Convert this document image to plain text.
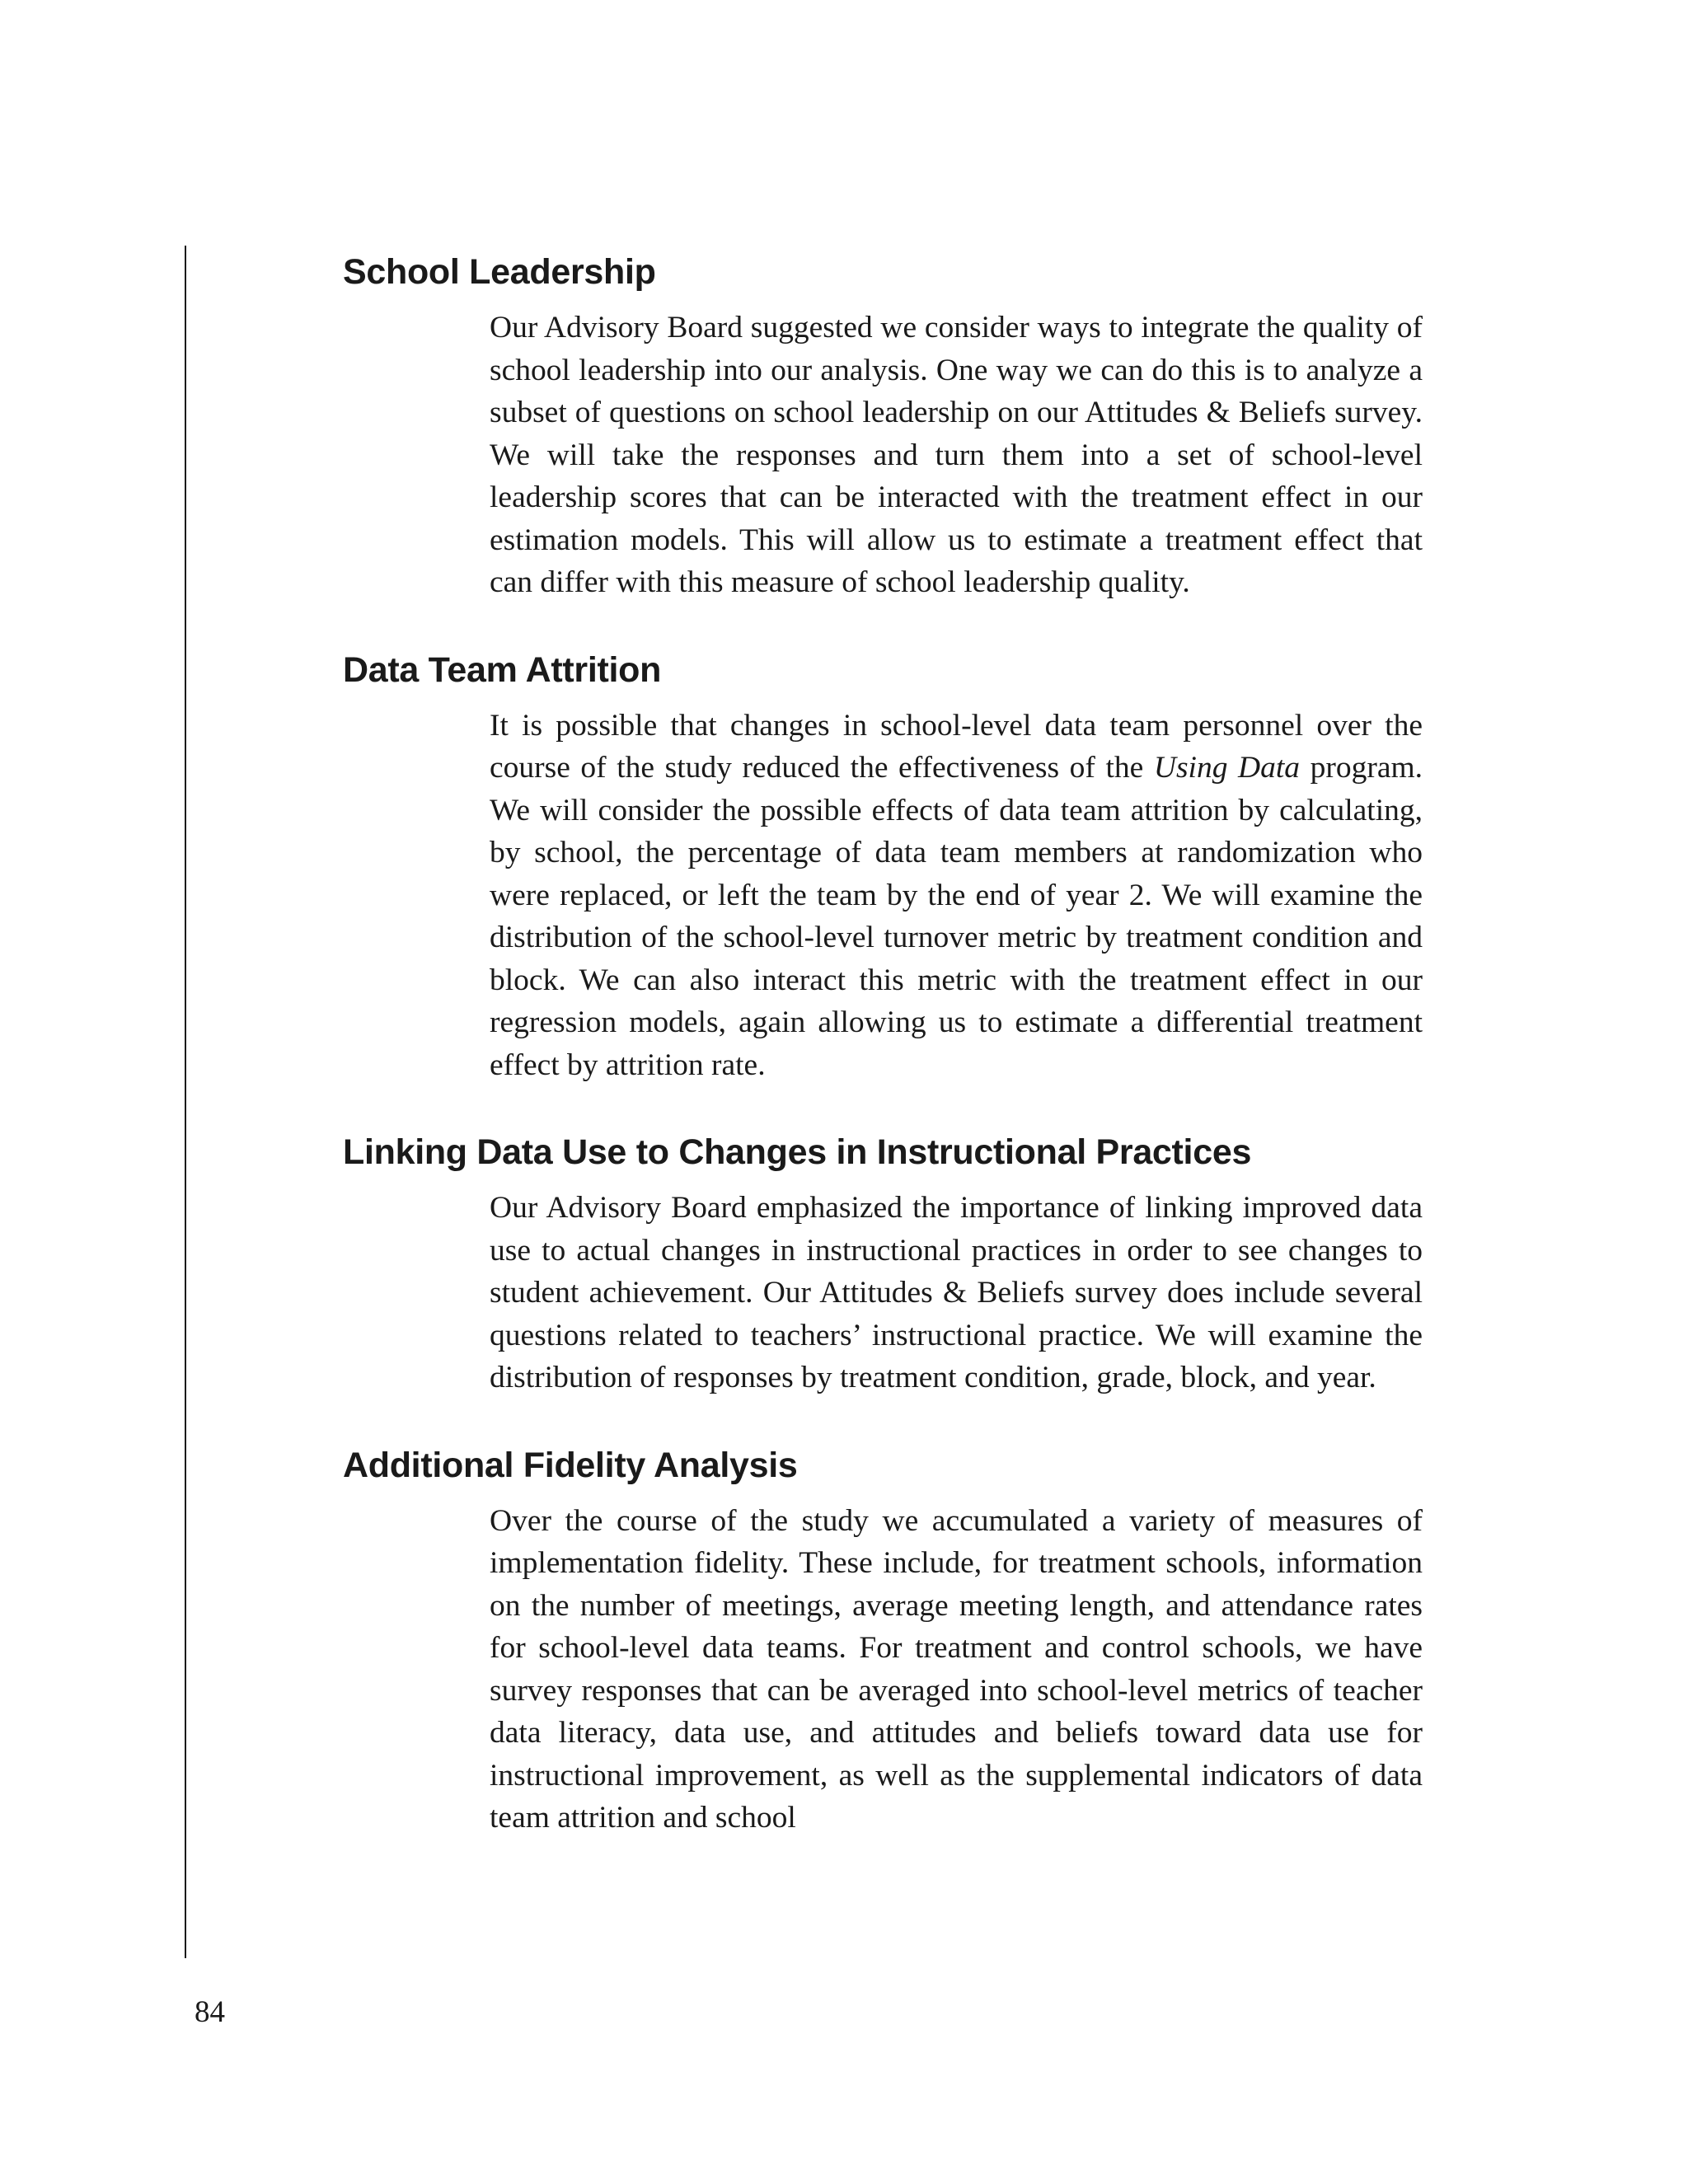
School Leadership

Our Advisory Board suggested we consider ways to integrate the quality of school leadership into our analysis. One way we can do this is to analyze a subset of questions on school leadership on our Attitudes & Beliefs survey. We will take the responses and turn them into a set of school-level leadership scores that can be interacted with the treatment effect in our estimation models. This will allow us to estimate a treatment effect that can differ with this measure of school leadership quality.

Data Team Attrition

It is possible that changes in school-level data team personnel over the course of the study reduced the effectiveness of the Using Data program. We will consider the possible effects of data team attrition by calculating, by school, the percentage of data team members at randomization who were replaced, or left the team by the end of year 2. We will examine the distribution of the school-level turnover metric by treatment condition and block. We can also interact this metric with the treatment effect in our regression models, again allowing us to estimate a differential treatment effect by attrition rate.

Linking Data Use to Changes in Instructional Practices

Our Advisory Board emphasized the importance of linking improved data use to actual changes in instructional practices in order to see changes to student achievement. Our Attitudes & Beliefs survey does include several questions related to teachers’ instructional practice. We will examine the distribution of responses by treatment condition, grade, block, and year.

Additional Fidelity Analysis

Over the course of the study we accumulated a variety of measures of implementation fidelity. These include, for treatment schools, information on the number of meetings, average meeting length, and attendance rates for school-level data teams. For treatment and control schools, we have survey responses that can be averaged into school-level metrics of teacher data literacy, data use, and attitudes and beliefs toward data use for instructional improvement, as well as the supplemental indicators of data team attrition and school

84
